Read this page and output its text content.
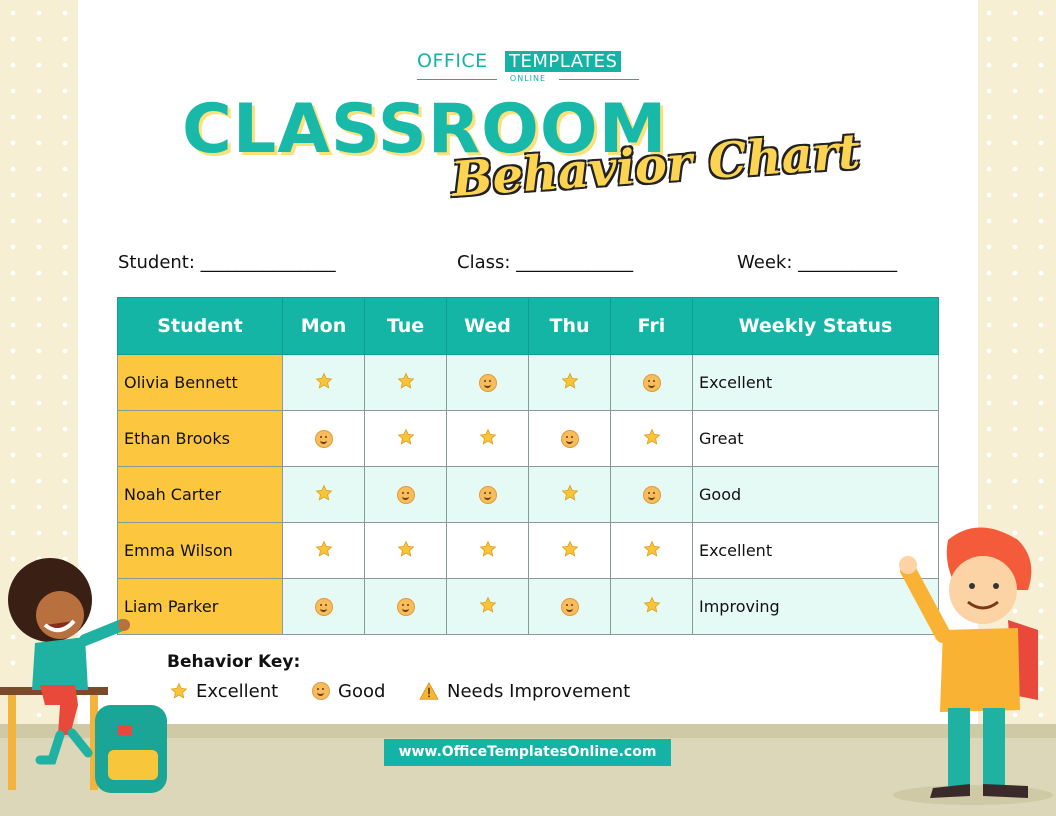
OFFICE TEMPLATES
ONLINE
CLASSROOM
Behavior Chart
Student: _______________	Class: _____________	Week: ___________
Student	Mon	Tue	Wed	Thu	Fri	Weekly Status
Olivia Bennett						Excellent
Ethan Brooks						Great
Noah Carter						Good
Emma Wilson						Excellent
Liam Parker						Improving
Behavior Key:
Excellent	Good	Needs Improvement
www.OfficeTemplatesOnline.com
